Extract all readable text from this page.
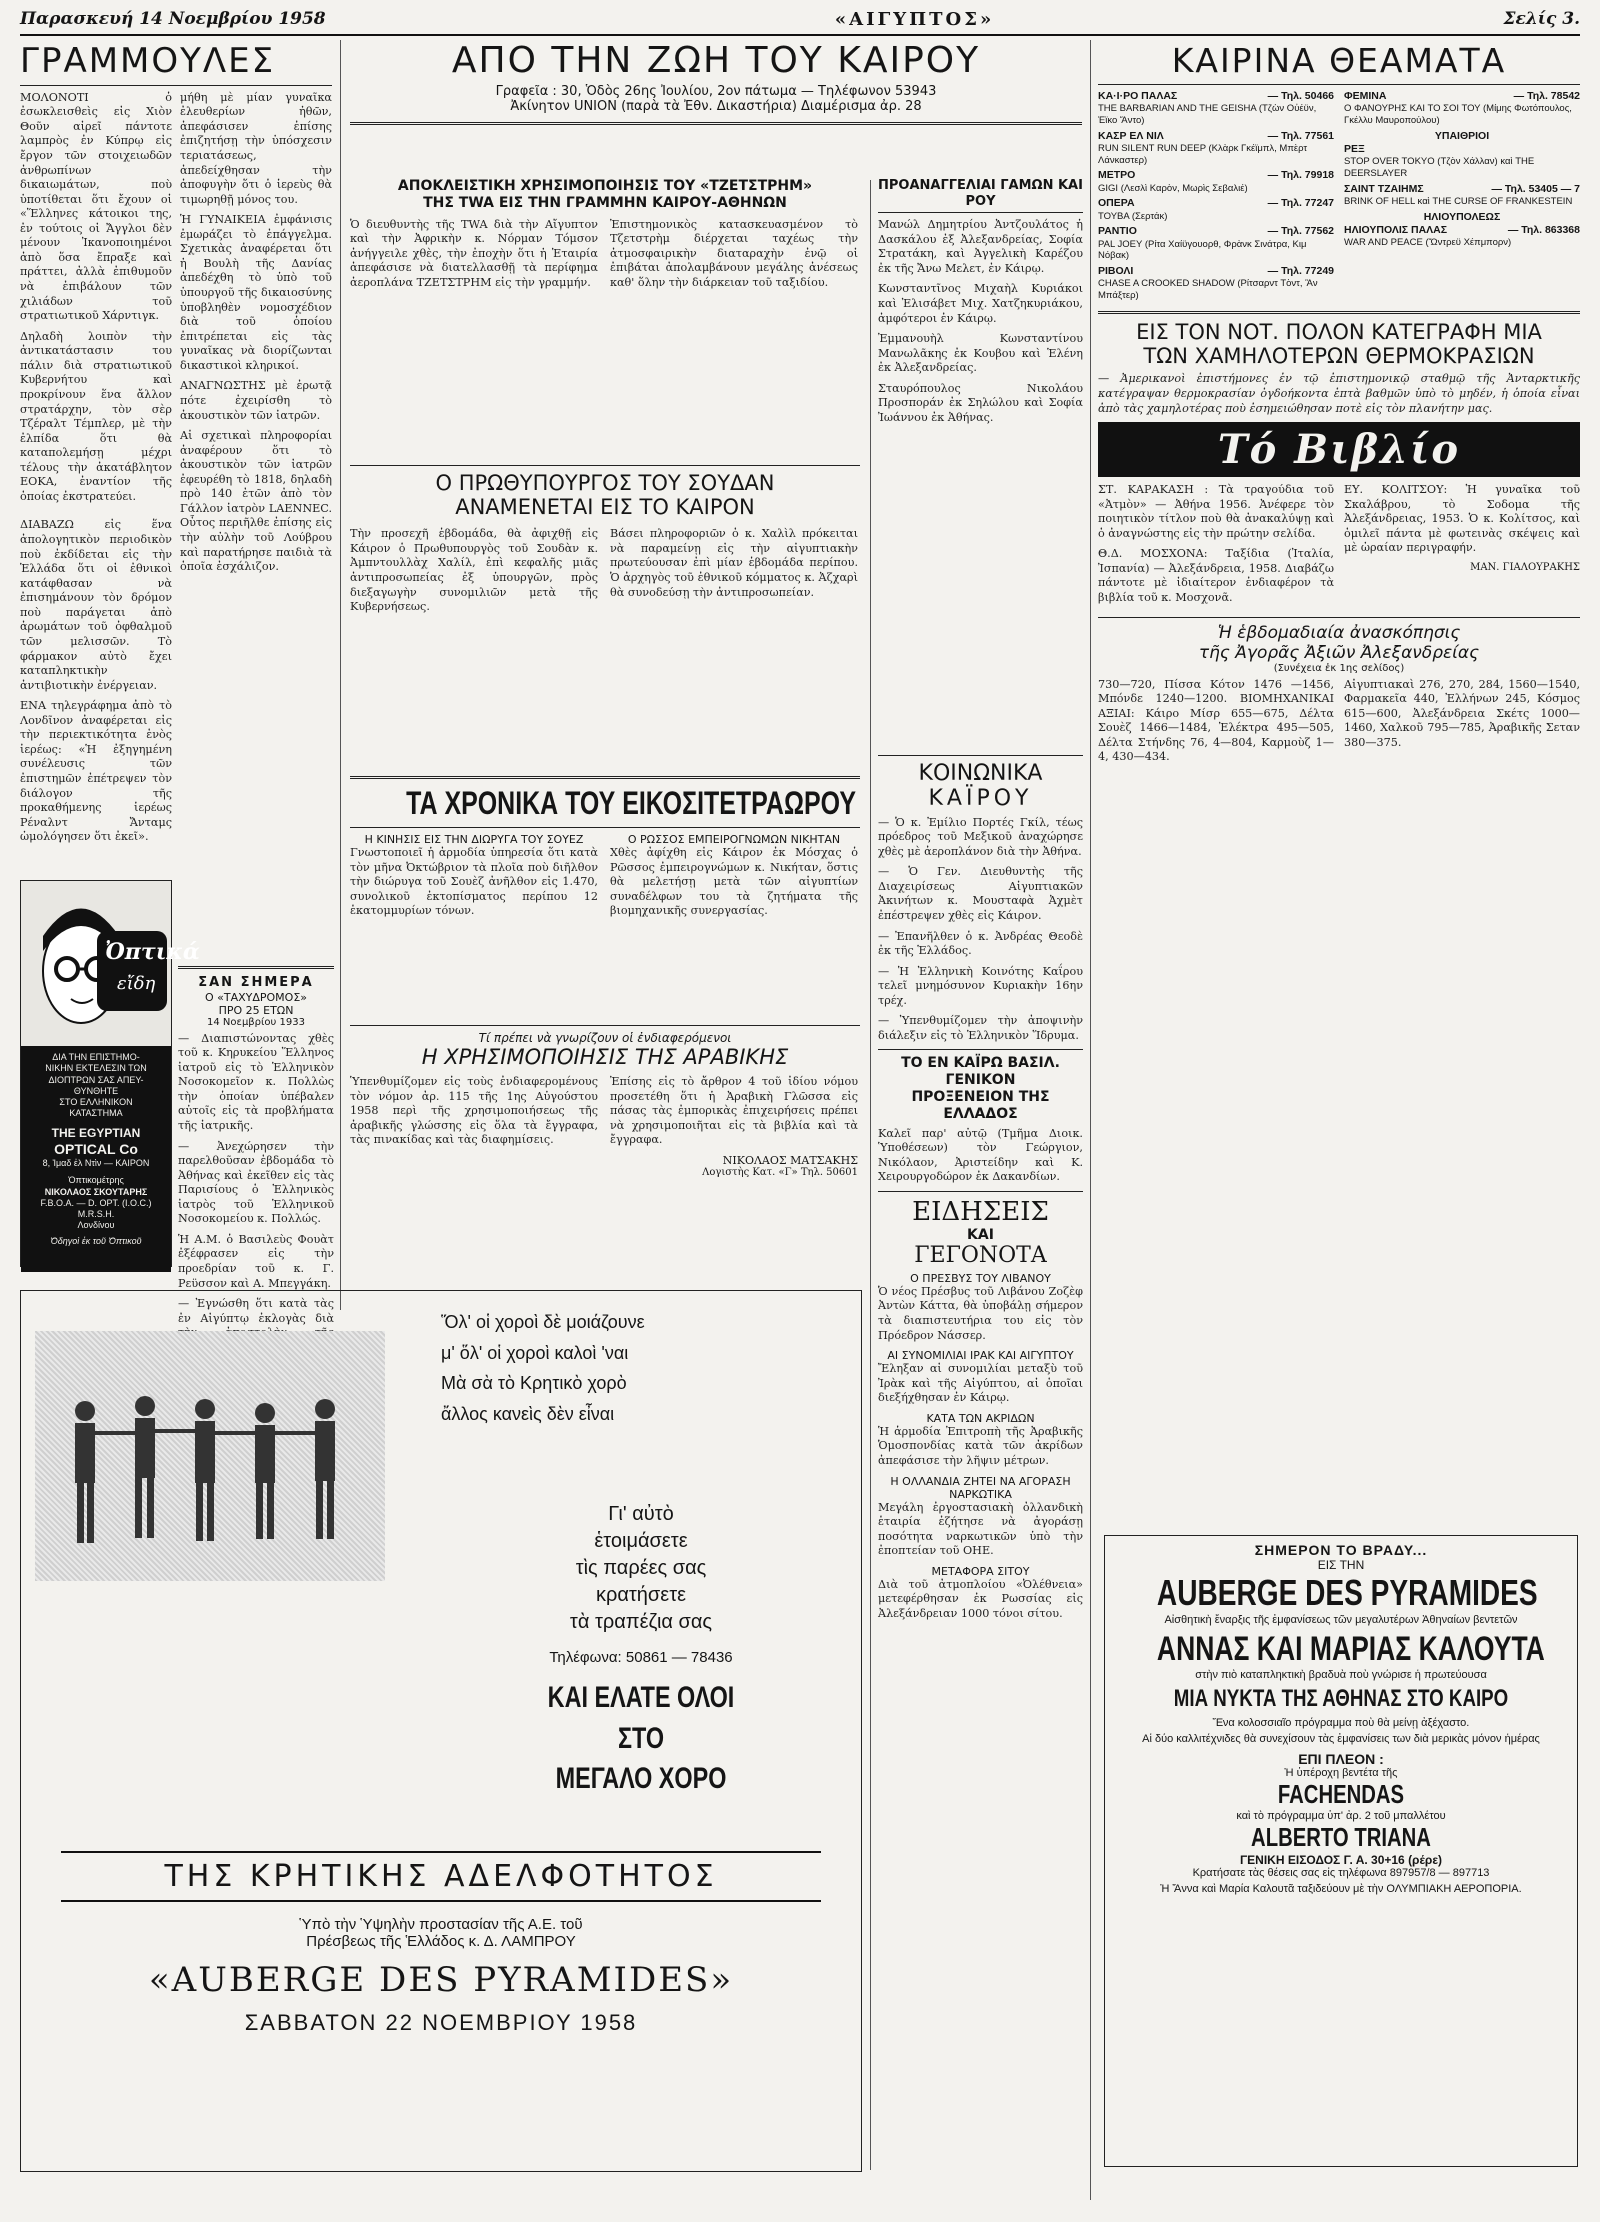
Παρασκευή 14 Νοεμβρίου 1958	«ΑΙΓΥΠΤΟΣ»	Σελίς 3.
ΓΡΑΜΜΟΥΛΕΣ

ΜΟΛΟΝΟΤΙ ὁ ἐσωκλεισθεὶς εἰς Χιὸν Θοῦν αἰρεῖ πάντοτε λαμπρὸς ἐν Κύπρῳ εἰς ἔργον τῶν στοιχειωδῶν ἀνθρωπίνων δικαιωμάτων, ποὺ ὑποτίθεται ὅτι ἔχουν οἱ «Ἕλληνες κάτοικοι της, ἐν τούτοις οἱ Ἄγγλοι δὲν μένουν Ἰκανοποιημένοι ἀπὸ ὅσα ἔπραξε καὶ πράττει, ἀλλὰ ἐπιθυμοῦν νὰ ἐπιβάλουν τῶν χιλιάδων τοῦ στρατιωτικοῦ Χάρντιγκ.

Δηλαδὴ λοιπὸν τὴν ἀντικατάστασιν του πάλιν διὰ στρατιωτικοῦ Κυβερνήτου καὶ προκρίνουν ἕνα ἄλλον στρατάρχην, τὸν σὲρ Τζέραλτ Τέμπλερ, μὲ τὴν ἐλπίδα ὅτι θὰ καταπολεμήσῃ μέχρι τέλους τὴν ἀκατάβλητον ΕΟΚΑ, ἐναντίον τῆς ὁποίας ἐκστρατεύει.

ΔΙΑΒΑΖΩ εἰς ἕνα ἀπολογητικὸν περιοδικὸν ποὺ ἐκδίδεται εἰς τὴν Ἑλλάδα ὅτι οἱ ἐθνικοὶ κατάφθασαν νὰ ἐπισημάνουν τὸν δρόμον ποὺ παράγεται ἀπὸ ἀρωμάτων τοῦ ὀφθαλμοῦ τῶν μελισσῶν. Τὸ φάρμακον αὐτὸ ἔχει καταπληκτικὴν ἀντιβιοτικὴν ἐνέργειαν.

ΕΝΑ τηλεγράφημα ἀπὸ τὸ Λονδῖνον ἀναφέρεται εἰς τὴν περιεκτικότητα ἑνὸς ἰερέως: «Ἡ ἐξηγημένη συνέλευσις τῶν ἐπιστημῶν ἐπέτρεψεν τὸν διάλογον τῆς προκαθήμενης ἱερέως Ρέναλντ Ἄνταμς ὡμολόγησεν ὅτι ἐκεῖ».

μήθη μὲ μίαν γυναῖκα ἐλευθερίων ἠθῶν, ἀπεφάσισεν ἐπίσης ἐπιζητήσῃ τὴν ὑπόσχεσιν τεριατάσεως, ἀπεδείχθησαν τὴν ἀποφυγὴν ὅτι ὁ ἱερεὺς θὰ τιμωρηθῇ μόνος του.

Ἡ ΓΥΝΑΙΚΕΙΑ ἐμφάνισις ἐμωράζει τὸ ἐπάγγελμα. Σχετικὰς ἀναφέρεται ὅτι ἡ Βουλὴ τῆς Δανίας ἀπεδέχθη τὸ ὑπὸ τοῦ ὑπουργοῦ τῆς δικαιοσύνης ὑποβληθὲν νομοσχέδιον διὰ τοῦ ὁποίου ἐπιτρέπεται εἰς τὰς γυναῖκας νὰ διορίζωνται δικαστικοὶ κληρικοί.

ΑΝΑΓΝΩΣΤΗΣ μὲ ἐρωτᾷ πότε ἐχειρίσθη τὸ ἀκουστικὸν τῶν ἰατρῶν.

Αἱ σχετικαὶ πληροφορίαι ἀναφέρουν ὅτι τὸ ἀκουστικὸν τῶν ἰατρῶν ἐφευρέθη τὸ 1818, δηλαδὴ πρὸ 140 ἐτῶν ἀπὸ τὸν Γάλλον ἰατρὸν LAENNEC. Οὗτος περιῆλθε ἐπίσης εἰς τὴν αὐλὴν τοῦ Λούβρου καὶ παρατήρησε παιδιὰ τὰ ὁποῖα ἐσχάλιζον.

Ὀπτικά
εἴδη
ΔΙΑ ΤΗΝ ΕΠΙΣΤΗΜΟ-
ΝΙΚΗΝ ΕΚΤΕΛΕΣΙΝ ΤΩΝ
ΔΙΟΠΤΡΩΝ ΣΑΣ ΑΠΕΥ-
ΘΥΝΘΗΤΕ
ΣΤΟ ΕΛΛΗΝΙΚΟΝ
ΚΑΤΑΣΤΗΜΑ
THE EGYPTIAN
OPTICAL Co
8, Ἰμαδ ἐλ Ντὶν — ΚΑΙΡΟΝ
Ὀπτικομέτρης
ΝΙΚΟΛΑΟΣ ΣΚΟΥΤΑΡΗΣ
F.B.O.A. — D. OPT. (I.O.C.) M.R.S.H.
Λονδίνου
Ὁδηγοὶ ἐκ τοῦ Ὀπτικοῦ
ΣΑΝ ΣΗΜΕΡΑ
Ο «ΤΑΧΥΔΡΟΜΟΣ»
ΠΡΟ 25 ΕΤΩΝ
14 Νοεμβρίου 1933

— Διαπιστώνοντας χθὲς τοῦ κ. Κηρυκείου Ἕλληνος ἰατροῦ εἰς τὸ Ἑλληνικὸν Νοσοκομεῖον κ. Πολλὼς τὴν ὁποίαν ὑπέβαλεν αὐτοῖς εἰς τὰ προβλήματα τῆς ἰατρικῆς.

— Ἀνεχώρησεν τὴν παρελθοῦσαν ἑβδομάδα τὸ Ἀθήνας καὶ ἐκεῖθεν εἰς τὰς Παρισίους ὁ Ἑλληνικὸς ἰατρὸς τοῦ Ἑλληνικοῦ Νοσοκομείου κ. Πολλώς.

Ἡ Α.Μ. ὁ Βασιλεὺς Φουὰτ ἐξέφρασεν εἰς τὴν προεδρίαν τοῦ κ. Γ. Ρεϋσσον καὶ Α. Μπεγγάκη.

— Ἐγνώσθη ὅτι κατὰ τὰς ἐν Αἰγύπτῳ ἐκλογὰς διὰ

ΑΠΟ ΤΗΝ ΖΩΗ ΤΟΥ ΚΑΙΡΟΥ
Γραφεῖα : 30, Ὁδὸς 26ης Ἰουλίου, 2ον πάτωμα — Τηλέφωνον 53943
Ἀκίνητον UNION (παρὰ τὰ Ἐθν. Δικαστήρια) Διαμέρισμα ἀρ. 28
ΑΠΟΚΛΕΙΣΤΙΚΗ ΧΡΗΣΙΜΟΠΟΙΗΣΙΣ ΤΟΥ «ΤΖΕΤΣΤΡΗΜ»
ΤΗΣ TWA ΕΙΣ ΤΗΝ ΓΡΑΜΜΗΝ ΚΑΙΡΟΥ-ΑΘΗΝΩΝ

Ὁ διευθυντὴς τῆς TWA διὰ τὴν Αἴγυπτον καὶ τὴν Ἀφρικὴν κ. Νόρμαν Τόμσον ἀνήγγειλε χθὲς, τὴν ἐποχὴν ὅτι ἡ Ἑταιρία ἀπεφάσισε νὰ διατελλασθῇ τὰ περίφημα ἀεροπλάνα ΤΖΕΤΣΤΡΗΜ εἰς τὴν γραμμήν.

Ἐπιστημονικὸς κατασκευασμένον τὸ Τζετστρὴμ διέρχεται ταχέως τὴν ἀτμοσφαιρικὴν διαταραχὴν ἐνῷ οἱ ἐπιβάται ἀπολαμβάνουν μεγάλης ἀνέσεως καθ' ὅλην τὴν διάρκειαν τοῦ ταξιδίου.

ΠΡΟΑΝΑΓΓΕΛΙΑΙ ΓΑΜΩΝ ΚΑΙ ΡΟΥ

Μανώλ Δημητρίου Ἀντζουλάτος ἡ Δασκάλου ἐξ Ἀλεξανδρείας, Σοφία Στρατάκη, καὶ Ἀγγελικὴ Καρέζου ἐκ τῆς Ἄνω Μελετ, ἐν Κάιρῳ.

Κωνσταντῖνος Μιχαὴλ Κυριάκοι καὶ Ἐλισάβετ Μιχ. Χατζηκυριάκου, ἀμφότεροι ἐν Κάιρῳ.

Ἐμμανουὴλ Κωνσταντίνου Μανωλᾶκης ἐκ Κουβου καὶ Ἑλένη ἐκ Ἀλεξανδρείας.

Σταυρόπουλος Νικολάου Προσποράν ἐκ Σηλώλου καὶ Σοφία Ἰωάννου ἐκ Ἀθήνας.

Ο ΠΡΩΘΥΠΟΥΡΓΟΣ ΤΟΥ ΣΟΥΔΑΝ
ΑΝΑΜΕΝΕΤΑΙ ΕΙΣ ΤΟ ΚΑΙΡΟΝ

Τὴν προσεχῆ ἑβδομάδα, θὰ ἀφιχθῇ εἰς Κάιρον ὁ Πρωθυπουργὸς τοῦ Σουδὰν κ. Ἀμπντουλλὰχ Χαλίλ, ἐπὶ κεφαλῆς μιᾶς ἀντιπροσωπείας ἐξ ὑπουργῶν, πρὸς διεξαγωγὴν συνομιλιῶν μετὰ τῆς Κυβερνήσεως.

Βάσει πληροφοριῶν ὁ κ. Χαλὶλ πρόκειται νὰ παραμείνῃ εἰς τὴν αἰγυπτιακὴν πρωτεύουσαν ἐπὶ μίαν ἑβδομάδα περίπου. Ὁ ἀρχηγὸς τοῦ ἐθνικοῦ κόμματος κ. Ἀζχαρὶ θὰ συνοδεύσῃ τὴν ἀντιπροσωπείαν.

ΤΑ ΧΡΟΝΙΚΑ ΤΟΥ ΕΙΚΟΣΙΤΕΤΡΑΩΡΟΥ
Η ΚΙΝΗΣΙΣ ΕΙΣ ΤΗΝ ΔΙΩΡΥΓΑ ΤΟΥ ΣΟΥΕΖ

Γνωστοποιεῖ ἡ ἀρμοδία ὑπηρεσία ὅτι κατὰ τὸν μῆνα Ὀκτώβριον τὰ πλοῖα ποὺ διῆλθον τὴν διώρυγα τοῦ Σουὲζ ἀνῆλθον εἰς 1.470, συνολικοῦ ἐκτοπίσματος περίπου 12 ἑκατομμυρίων τόνων.

Ο ΡΩΣΣΟΣ ΕΜΠΕΙΡΟΓΝΩΜΩΝ ΝΙΚΗΤΑΝ

Χθὲς ἀφίχθη εἰς Κάιρον ἐκ Μόσχας ὁ Ρῶσσος ἐμπειρογνώμων κ. Νικήταν, ὅστις θὰ μελετήσῃ μετὰ τῶν αἰγυπτίων συναδέλφων του τὰ ζητήματα τῆς βιομηχανικῆς συνεργασίας.

Τί πρέπει νὰ γνωρίζουν οἱ ἐνδιαφερόμενοι
Η ΧΡΗΣΙΜΟΠΟΙΗΣΙΣ ΤΗΣ ΑΡΑΒΙΚΗΣ

Ὑπενθυμίζομεν εἰς τοὺς ἐνδιαφερομένους τὸν νόμον ἀρ. 115 τῆς 1ης Αὐγούστου 1958 περὶ τῆς χρησιμοποιήσεως τῆς ἀραβικῆς γλώσσης εἰς ὅλα τὰ ἔγγραφα, τὰς πινακίδας καὶ τὰς διαφημίσεις.

Ἐπίσης εἰς τὸ ἄρθρον 4 τοῦ ἰδίου νόμου προσετέθη ὅτι ἡ Ἀραβικὴ Γλῶσσα εἰς πάσας τὰς ἐμπορικὰς ἐπιχειρήσεις πρέπει νὰ χρησιμοποιῆται εἰς τὰ βιβλία καὶ τὰ ἔγγραφα.

ΝΙΚΟΛΑΟΣ ΜΑΤΣΑΚΗΣ
Λογιστὴς Κατ. «Γ» Τηλ. 50601
ΚΟΙΝΩΝΙΚΑ
ΚΑΪΡΟΥ

— Ὁ κ. Ἐμίλιο Πορτές Γκίλ, τέως πρόεδρος τοῦ Μεξικοῦ ἀναχώρησε χθὲς μὲ ἀεροπλάνον διὰ τὴν Ἀθήνα.

— Ὁ Γεν. Διευθυντὴς τῆς Διαχειρίσεως Αἰγυπτιακῶν Ἀκινήτων κ. Μουσταφὰ Ἀχμὲτ ἐπέστρεψεν χθὲς εἰς Κάιρον.

— Ἐπανῆλθεν ὁ κ. Ἀνδρέας Θεοδὲ ἐκ τῆς Ἑλλάδος.

— Ἡ Ἑλληνικὴ Κοινότης Καΐρου τελεῖ μνημόσυνον Κυριακὴν 16ην τρέχ.

— Ὑπενθυμίζομεν τὴν ἀποψινὴν διάλεξιν εἰς τὸ Ἑλληνικὸν Ἵδρυμα.

ΤΟ ΕΝ ΚΑΪΡΩ ΒΑΣΙΛ. ΓΕΝΙΚΟΝ
ΠΡΟΞΕΝΕΙΟΝ ΤΗΣ ΕΛΛΑΔΟΣ

Καλεῖ παρ' αὐτῷ (Τμῆμα Διοικ. Ὑποθέσεων) τὸν Γεώργιον, Νικόλαον, Ἀριστείδην καὶ Κ. Χειρουργοδώρον ἐκ Δακανδίων.

ΕΙΔΗΣΕΙΣ
ΚΑΙ
ΓΕΓΟΝΟΤΑ
Ο ΠΡΕΣΒΥΣ ΤΟΥ ΛΙΒΑΝΟΥ

Ὁ νέος Πρέσβυς τοῦ Λιβάνου Ζοζὲφ Ἀντὼν Κάττα, θὰ ὑποβάλῃ σήμερον τὰ διαπιστευτήρια του εἰς τὸν Πρόεδρον Νάσσερ.

ΑΙ ΣΥΝΟΜΙΛΙΑΙ ΙΡΑΚ ΚΑΙ ΑΙΓΥΠΤΟΥ

Ἔληξαν αἱ συνομιλίαι μεταξὺ τοῦ Ἰρὰκ καὶ τῆς Αἰγύπτου, αἱ ὁποῖαι διεξήχθησαν ἐν Κάιρῳ.

ΚΑΤΑ ΤΩΝ ΑΚΡΙΔΩΝ

Ἡ ἁρμοδία Ἐπιτροπὴ τῆς Ἀραβικῆς Ὁμοσπονδίας κατὰ τῶν ἀκρίδων ἀπεφάσισε τὴν λῆψιν μέτρων.

Η ΟΛΛΑΝΔΙΑ ΖΗΤΕΙ ΝΑ ΑΓΟΡΑΣΗ ΝΑΡΚΩΤΙΚΑ

Μεγάλη ἐργοστασιακὴ ὀλλανδικὴ ἑταιρία ἐζήτησε νὰ ἀγοράσῃ ποσότητα ναρκωτικῶν ὑπὸ τὴν ἐποπτείαν τοῦ ΟΗΕ.

ΜΕΤΑΦΟΡΑ ΣΙΤΟΥ

Διὰ τοῦ ἀτμοπλοίου «Ὀλέθνεια» μετεφέρθησαν ἐκ Ρωσσίας εἰς Ἀλεξάνδρειαν 1000 τόνοι σίτου.

Ὅλ' οἱ χοροὶ δὲ μοιάζουνε
μ' ὅλ' οἱ χοροὶ καλοὶ 'ναι
Μὰ σὰ τὸ Κρητικὸ χορὸ
ἄλλος κανεὶς δὲν εἶναι
Γι' αὐτὸ
ἑτοιμάσετε
τὶς παρέες σας
κρατήσετε
τὰ τραπέζια σας
Τηλέφωνα: 50861 — 78436
ΚΑΙ ΕΛΑΤΕ ΟΛΟΙ
ΣΤΟ
ΜΕΓΑΛΟ ΧΟΡΟ
ΤΗΣ ΚΡΗΤΙΚΗΣ ΑΔΕΛΦΟΤΗΤΟΣ
Ὑπὸ τὴν Ὑψηλὴν προστασίαν τῆς Α.Ε. τοῦ
Πρέσβεως τῆς Ἑλλάδος κ. Δ. ΛΑΜΠΡΟΥ
«AUBERGE DES PYRAMIDES»
ΣΑΒΒΑΤΟΝ 22 ΝΟΕΜΒΡΙΟΥ 1958
ΚΑΙΡΙΝΑ ΘΕΑΜΑΤΑ
ΚΑ·Ι·ΡΟ ΠΑΛΑΣ	— Τηλ. 50466
THE BARBARIAN AND THE GEISHA (Τζὼν Οὐέϋν, Ἐϊκο Ἄντο)
ΚΑΣΡ ΕΛ ΝΙΛ	— Τηλ. 77561
RUN SILENT RUN DEEP (Κλὰρκ Γκέϊμπλ, Μπὲρτ Λάνκαστερ)
ΜΕΤΡΟ	— Τηλ. 79918
GIGI (Λεσλὶ Καρὸν, Μωρὶς Σεβαλιέ)
ΟΠΕΡΑ	— Τηλ. 77247
ΤΟΥΒΑ (Σερτάκ)
ΡΑΝΤΙΟ	— Τηλ. 77562
PAL JOEY (Ρίτα Χαίϋγουορθ, Φρὰνκ Σινάτρα, Κιμ Νόβακ)
ΡΙΒΟΛΙ	— Τηλ. 77249
CHASE A CROOKED SHADOW (Ρίτσαρντ Τὸντ, Ἂν Μπάξτερ)
ΦΕΜΙΝΑ	— Τηλ. 78542
Ο ΦΑΝΟΥΡΗΣ ΚΑΙ ΤΟ ΣΟΙ ΤΟΥ (Μίμης Φωτόπουλος, Γκέλλυ Μαυροπούλου)
ΥΠΑΙΘΡΙΟΙ
ΡΕΞ
STOP OVER TOKYO (Τζὸν Χάλλαν) καὶ THE DEERSLAYER
ΣΑΙΝΤ ΤΖΑΙΗΜΣ	— Τηλ. 53405 — 7
BRINK OF HELL καὶ THE CURSE OF FRANKESTEIN
ΗΛΙΟΥΠΟΛΕΩΣ
ΗΛΙΟΥΠΟΛΙΣ ΠΑΛΑΣ	— Τηλ. 863368
WAR AND PEACE (Ὤντρεϋ Χέπμπορν)
ΕΙΣ ΤΟΝ ΝΟΤ. ΠΟΛΟΝ ΚΑΤΕΓΡΑΦΗ ΜΙΑ
ΤΩΝ ΧΑΜΗΛΟΤΕΡΩΝ ΘΕΡΜΟΚΡΑΣΙΩΝ

— Ἀμερικανοὶ ἐπιστήμονες ἐν τῷ ἐπιστημονικῷ σταθμῷ τῆς Ἀνταρκτικῆς κατέγραψαν θερμοκρασίαν ὀγδοήκοντα ἑπτὰ βαθμῶν ὑπὸ τὸ μηδέν, ἡ ὁποία εἶναι ἀπὸ τὰς χαμηλοτέρας ποὺ ἐσημειώθησαν ποτὲ εἰς τὸν πλανήτην μας.

Τό Βιβλίο

ΣΤ. ΚΑΡΑΚΑΣΗ : Τὰ τραγούδια τοῦ «Ἀτμὸν» — Ἀθήνα 1956. Ἀνέφερε τὸν ποιητικὸν τίτλον ποὺ θὰ ἀνακαλύψῃ καὶ ὁ ἀναγνώστης εἰς τὴν πρώτην σελίδα.

Θ.Δ. ΜΟΣΧΟΝΑ: Ταξίδια (Ἰταλία, Ἰσπανία) — Ἀλεξάνδρεια, 1958. Διαβάζω πάντοτε μὲ ἰδιαίτερον ἐνδιαφέρον τὰ βιβλία τοῦ κ. Μοσχονᾶ.

ΕΥ. ΚΟΛΙΤΣΟΥ: Ἡ γυναῖκα τοῦ Σκαλάβρου, τὸ Σοδομα τῆς Ἀλεξάνδρειας, 1953. Ὁ κ. Κολίτσος, καὶ ὁμιλεῖ πάντα μὲ φωτεινὰς σκέψεις καὶ μὲ ὡραίαν περιγραφήν.

ΜΑΝ. ΓΙΑΛΟΥΡΑΚΗΣ
Ἡ ἑβδομαδιαία ἀνασκόπησις
τῆς Ἀγορᾶς Ἀξιῶν Ἀλεξανδρείας
(Συνέχεια ἐκ 1ης σελίδος)

730—720, Πίσσα Κότον 1476 —1456, Μπόνδε 1240—1200. ΒΙΟΜΗΧΑΝΙΚΑΙ ΑΞΙΑΙ: Κάιρο Μίσρ 655—675, Δέλτα Σουὲζ 1466—1484, Ἐλέκτρα 495—505, Δέλτα Στήνδης 76, 4—804, Καρμοὺζ 1—4, 430—434.

Αἰγυπτιακαὶ 276, 270, 284, 1560—1540, Φαρμακεῖα 440, Ἐλλήνων 245, Κόσμος 615—600, Ἀλεξάνδρεια Σκέτς 1000—1460, Χαλκοῦ 795—785, Ἀραβικῆς Σεταν 380—375.

ΣΗΜΕΡΟΝ ΤΟ ΒΡΑΔΥ...
ΕΙΣ ΤΗΝ
AUBERGE DES PYRAMIDES
Αἰσθητικὴ ἔναρξις τῆς ἐμφανίσεως τῶν μεγαλυτέρων Ἀθηναίων βεντετῶν
ΑΝΝΑΣ ΚΑΙ ΜΑΡΙΑΣ ΚΑΛΟΥΤΑ
στὴν πιὸ καταπληκτικὴ βραδυὰ ποὺ γνώρισε ἡ πρωτεύουσα
ΜΙΑ ΝΥΚΤΑ ΤΗΣ ΑΘΗΝΑΣ ΣΤΟ ΚΑΙΡΟ
Ἕνα κολοσσιαῖο πρόγραμμα ποὺ θὰ μείνῃ ἀξέχαστο.
Αἱ δύο καλλιτέχνιδες θὰ συνεχίσουν τὰς ἐμφανίσεις των διὰ μερικὰς μόνον ἡμέρας
ΕΠΙ ΠΛΕΟΝ :
Ἡ ὑπέροχη βεντέτα τῆς
FACHENDAS
καὶ τὸ πρόγραμμα ὑπ' ἀρ. 2 τοῦ μπαλλέτου
ALBERTO TRIANA
ΓΕΝΙΚΗ ΕΙΣΟΔΟΣ Γ. Α. 30+16 (ρέρε)
Κρατήσατε τὰς θέσεις σας εἰς τηλέφωνα 897957/8 — 897713
Ἡ Ἄννα καὶ Μαρία Καλουτᾶ ταξιδεύουν μὲ τὴν ΟΛΥΜΠΙΑΚΗ ΑΕΡΟΠΟΡΙΑ.
